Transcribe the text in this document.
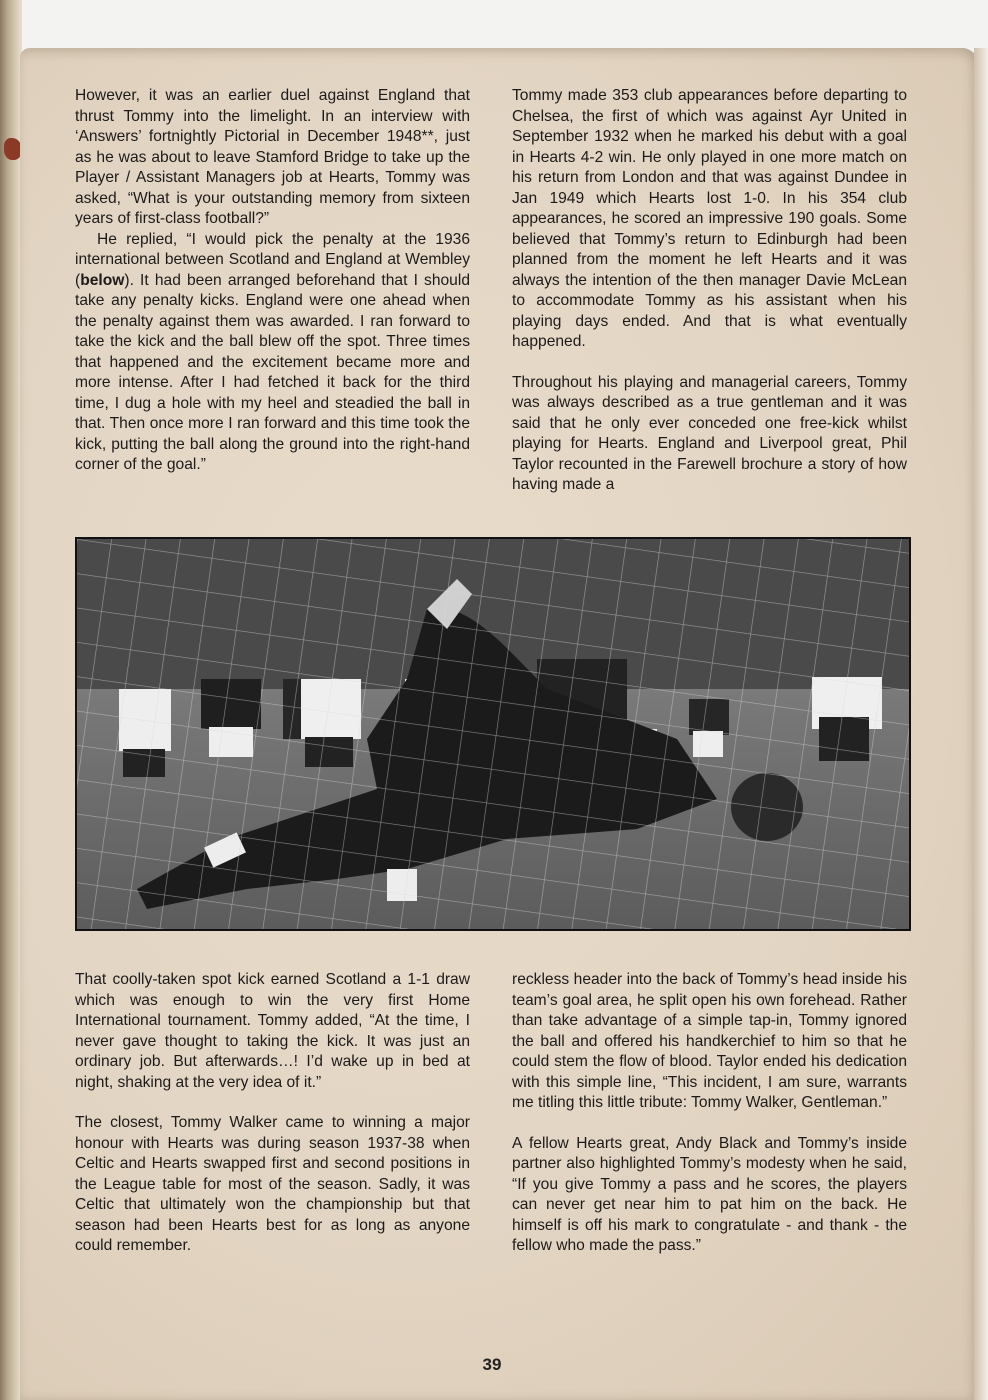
However, it was an earlier duel against England that thrust Tommy into the limelight. In an interview with ‘Answers’ fortnightly Pictorial in December 1948**, just as he was about to leave Stamford Bridge to take up the Player / Assistant Managers job at Hearts, Tommy was asked, “What is your outstanding memory from sixteen years of first-class football?”

He replied, “I would pick the penalty at the 1936 international between Scotland and England at Wembley (below). It had been arranged beforehand that I should take any penalty kicks. England were one ahead when the penalty against them was awarded. I ran forward to take the kick and the ball blew off the spot. Three times that happened and the excitement became more and more intense. After I had fetched it back for the third time, I dug a hole with my heel and steadied the ball in that. Then once more I ran forward and this time took the kick, putting the ball along the ground into the right-hand corner of the goal.”

Tommy made 353 club appearances before departing to Chelsea, the first of which was against Ayr United in September 1932 when he marked his debut with a goal in Hearts 4-2 win. He only played in one more match on his return from London and that was against Dundee in Jan 1949 which Hearts lost 1-0. In his 354 club appearances, he scored an impressive 190 goals. Some believed that Tommy’s return to Edinburgh had been planned from the moment he left Hearts and it was always the intention of the then manager Davie McLean to accommodate Tommy as his assistant when his playing days ended. And that is what eventually happened.

Throughout his playing and managerial careers, Tommy was always described as a true gentleman and it was said that he only ever conceded one free-kick whilst playing for Hearts. England and Liverpool great, Phil Taylor recounted in the Farewell brochure a story of how having made a

That coolly-taken spot kick earned Scotland a 1-1 draw which was enough to win the very first Home International tournament. Tommy added, “At the time, I never gave thought to taking the kick. It was just an ordinary job. But afterwards…! I’d wake up in bed at night, shaking at the very idea of it.”

The closest, Tommy Walker came to winning a major honour with Hearts was during season 1937-38 when Celtic and Hearts swapped first and second positions in the League table for most of the season. Sadly, it was Celtic that ultimately won the championship but that season had been Hearts best for as long as anyone could remember.

reckless header into the back of Tommy’s head inside his team’s goal area, he split open his own forehead. Rather than take advantage of a simple tap-in, Tommy ignored the ball and offered his handkerchief to him so that he could stem the flow of blood. Taylor ended his dedication with this simple line, “This incident, I am sure, warrants me titling this little tribute: Tommy Walker, Gentleman.”

A fellow Hearts great, Andy Black and Tommy’s inside partner also highlighted Tommy’s modesty when he said, “If you give Tommy a pass and he scores, the players can never get near him to pat him on the back. He himself is off his mark to congratulate - and thank - the fellow who made the pass.”

39
